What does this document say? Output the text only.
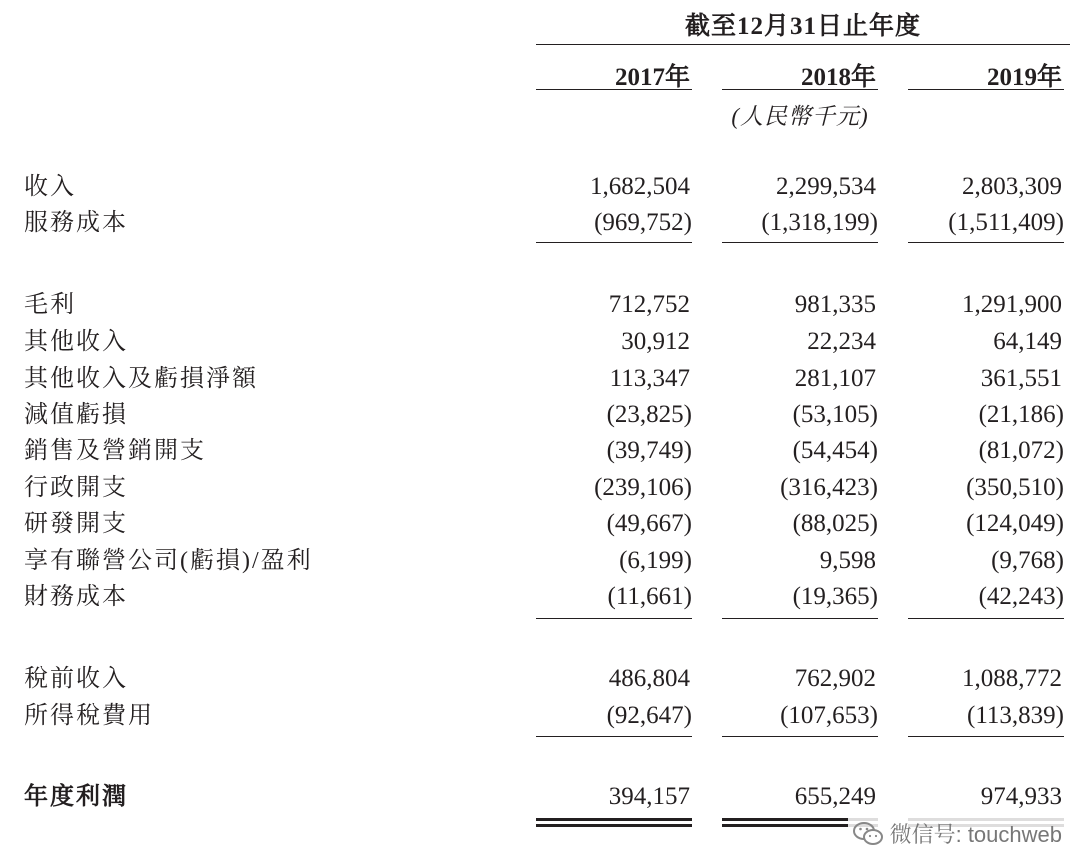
截至12月31日止年度
2017年	2018年	2019年
(人民幣千元)
收入	1,682,504	2,299,534	2,803,309
服務成本	(969,752)	(1,318,199)	(1,511,409)
毛利	712,752	981,335	1,291,900
其他收入	30,912	22,234	64,149
其他收入及虧損淨額	113,347	281,107	361,551
減值虧損	(23,825)	(53,105)	(21,186)
銷售及營銷開支	(39,749)	(54,454)	(81,072)
行政開支	(239,106)	(316,423)	(350,510)
研發開支	(49,667)	(88,025)	(124,049)
享有聯營公司(虧損)/盈利	(6,199)	9,598	(9,768)
財務成本	(11,661)	(19,365)	(42,243)
稅前收入	486,804	762,902	1,088,772
所得稅費用	(92,647)	(107,653)	(113,839)
年度利潤	394,157	655,249	974,933
微信号: touchweb
